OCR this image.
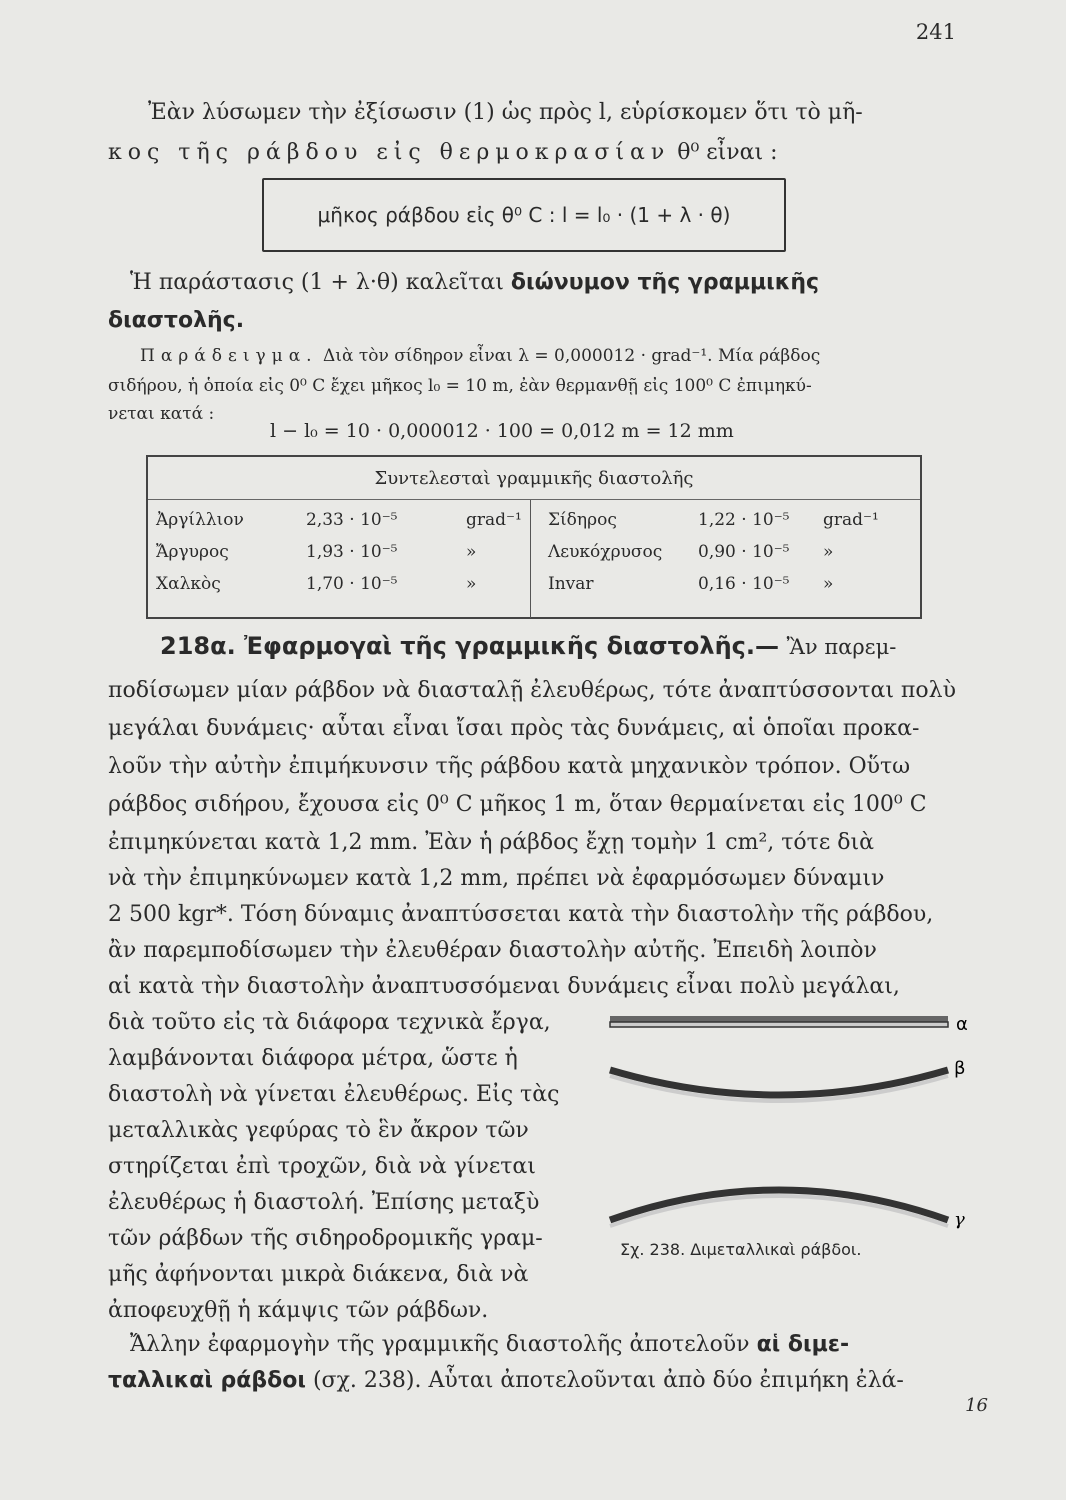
241
Ἐὰν λύσωμεν τὴν ἐξίσωσιν (1) ὡς πρὸς l, εὑρίσκομεν ὅτι τὸ μῆ-
κος τῆς ράβδου εἰς θερμοκρασίαν θ⁰ εἶναι :
μῆκος ράβδου εἰς θ⁰ C : l = l₀ · (1 + λ · θ)
Ἡ παράστασις (1 + λ·θ) καλεῖται διώνυμον τῆς γραμμικῆς
διαστολῆς.
Παράδειγμα. Διὰ τὸν σίδηρον εἶναι λ = 0,000012 · grad⁻¹. Μία ράβδος
σιδήρου, ἡ ὁποία εἰς 0⁰ C ἔχει μῆκος l₀ = 10 m, ἐὰν θερμανθῇ εἰς 100⁰ C ἐπιμηκύ-
νεται κατά :
l − l₀ = 10 · 0,000012 · 100 = 0,012 m = 12 mm
Συντελεσταὶ γραμμικῆς διαστολῆς
Ἀργίλλιον	2,33 · 10⁻⁵	grad⁻¹
Ἄργυρος	1,93 · 10⁻⁵	»
Χαλκὸς	1,70 · 10⁻⁵	»
Σίδηρος	1,22 · 10⁻⁵	grad⁻¹
Λευκόχρυσος	0,90 · 10⁻⁵	»
Invar	0,16 · 10⁻⁵	»
218α. Ἐφαρμογαὶ τῆς γραμμικῆς διαστολῆς.— Ἂν παρεμ-
ποδίσωμεν μίαν ράβδον νὰ διασταλῇ ἐλευθέρως, τότε ἀναπτύσσονται πολὺ
μεγάλαι δυνάμεις· αὗται εἶναι ἴσαι πρὸς τὰς δυνάμεις, αἱ ὁποῖαι προκα-
λοῦν τὴν αὐτὴν ἐπιμήκυνσιν τῆς ράβδου κατὰ μηχανικὸν τρόπον. Οὕτω
ράβδος σιδήρου, ἔχουσα εἰς 0⁰ C μῆκος 1 m, ὅταν θερμαίνεται εἰς 100⁰ C
ἐπιμηκύνεται κατὰ 1,2 mm. Ἐὰν ἡ ράβδος ἔχῃ τομὴν 1 cm², τότε διὰ
νὰ τὴν ἐπιμηκύνωμεν κατὰ 1,2 mm, πρέπει νὰ ἐφαρμόσωμεν δύναμιν
2 500 kgr*. Τόση δύναμις ἀναπτύσσεται κατὰ τὴν διαστολὴν τῆς ράβδου,
ἂν παρεμποδίσωμεν τὴν ἐλευθέραν διαστολὴν αὐτῆς. Ἐπειδὴ λοιπὸν
αἱ κατὰ τὴν διαστολὴν ἀναπτυσσόμεναι δυνάμεις εἶναι πολὺ μεγάλαι,
διὰ τοῦτο εἰς τὰ διάφορα τεχνικὰ ἔργα,
λαμβάνονται διάφορα μέτρα, ὥστε ἡ
διαστολὴ νὰ γίνεται ἐλευθέρως. Εἰς τὰς
μεταλλικὰς γεφύρας τὸ ἓν ἄκρον τῶν
στηρίζεται ἐπὶ τροχῶν, διὰ νὰ γίνεται
ἐλευθέρως ἡ διαστολή. Ἐπίσης μεταξὺ
τῶν ράβδων τῆς σιδηροδρομικῆς γραμ-
μῆς ἀφήνονται μικρὰ διάκενα, διὰ νὰ
ἀποφευχθῇ ἡ κάμψις τῶν ράβδων.
α
β
γ
Σχ. 238. Διμεταλλικαὶ ράβδοι.
Ἄλλην ἐφαρμογὴν τῆς γραμμικῆς διαστολῆς ἀποτελοῦν αἱ διμε-
ταλλικαὶ ράβδοι (σχ. 238). Αὗται ἀποτελοῦνται ἀπὸ δύο ἐπιμήκη ἐλά-
16
